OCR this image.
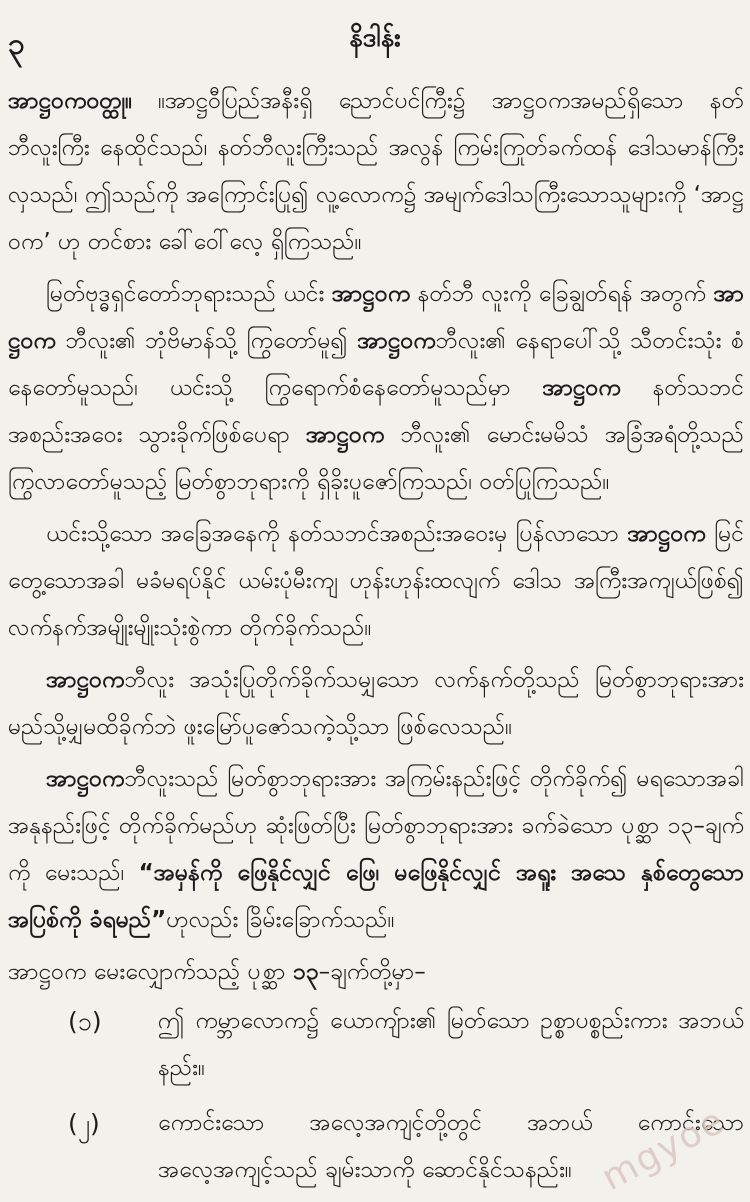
၃	နိဒါန်း

အာဋ္ဌဝကဝတ္ထု။ ။အာဋ္ဌဝီပြည်အနီးရှိ ညောင်ပင်ကြီး၌ အာဋ္ဌဝကအမည်ရှိသော နတ်ဘီလူးကြီး နေထိုင်သည်၊ နတ်ဘီလူးကြီးသည် အလွန် ကြမ်းကြုတ်ခက်ထန် ဒေါသမာန်ကြီးလှသည်၊ ဤသည်ကို အကြောင်းပြု၍ လူ့လောက၌ အမျက်ဒေါသကြီးသောသူများကို ‘အာဋ္ဌဝက’ ဟု တင်စား ခေါ်ဝေါ်လေ့ ရှိကြသည်။

မြတ်ဗုဒ္ဓရှင်တော်ဘုရားသည် ယင်း အာဋ္ဌဝက နတ်ဘီ လူးကို ခြေချွတ်ရန် အတွက် အာဋ္ဌဝက ဘီလူး၏ ဘုံဗိမာန်သို့ ကြွတော်မူ၍ အာဋ္ဌဝကဘီလူး၏ နေရာပေါ်သို့ သီတင်းသုံး စံနေတော်မူသည်၊ ယင်းသို့ ကြွရောက်စံနေတော်မူသည်မှာ အာဋ္ဌဝက နတ်သဘင်အစည်းအဝေး သွားခိုက်ဖြစ်ပေရာ အာဋ္ဌဝက ဘီလူး၏ မောင်းမမိသံ အခြံအရံတို့သည် ကြွလာတော်မူသည့် မြတ်စွာဘုရားကို ရှိခိုးပူဇော်ကြသည်၊ ဝတ်ပြုကြသည်။

ယင်းသို့သော အခြေအနေကို နတ်သဘင်အစည်းအဝေးမှ ပြန်လာသော အာဋ္ဌဝက မြင်တွေ့သောအခါ မခံမရပ်နိုင် ယမ်းပုံမီးကျ ဟုန်းဟုန်းထလျက် ဒေါသ အကြီးအကျယ်ဖြစ်၍ လက်နက်အမျိုးမျိုးသုံးစွဲကာ တိုက်ခိုက်သည်။

အာဋ္ဌဝကဘီလူး အသုံးပြုတိုက်ခိုက်သမျှသော လက်နက်တို့သည် မြတ်စွာဘုရားအား မည်သို့မျှမထိခိုက်ဘဲ ဖူးမြော်ပူဇော်သကဲ့သို့သာ ဖြစ်လေသည်။

အာဋ္ဌဝကဘီလူးသည် မြတ်စွာဘုရားအား အကြမ်းနည်းဖြင့် တိုက်ခိုက်၍ မရသောအခါ အနုနည်းဖြင့် တိုက်ခိုက်မည်ဟု ဆုံးဖြတ်ပြီး မြတ်စွာဘုရားအား ခက်ခဲသော ပုစ္ဆာ ၁၃–ချက်ကို မေးသည်၊ “အမှန်ကို ဖြေနိုင်လျှင် ဖြေ၊ မဖြေနိုင်လျှင် အရူး အသေ နှစ်တွေသော အပြစ်ကို ခံရမည်”ဟုလည်း ခြိမ်းခြောက်သည်။

အာဋ္ဌဝက မေးလျှောက်သည့် ပုစ္ဆာ ၁၃–ချက်တို့မှာ–

(၁)	ဤ ကမ္ဘာလောက၌ ယောကျ်ား၏ မြတ်သော ဥစ္စာပစ္စည်းကား အဘယ်နည်း။
(၂)	ကောင်းသော အလေ့အကျင့်တို့တွင် အဘယ် ကောင်းသော အလေ့အကျင့်သည် ချမ်းသာကို ဆောင်နိုင်သနည်း။ mgyoe
